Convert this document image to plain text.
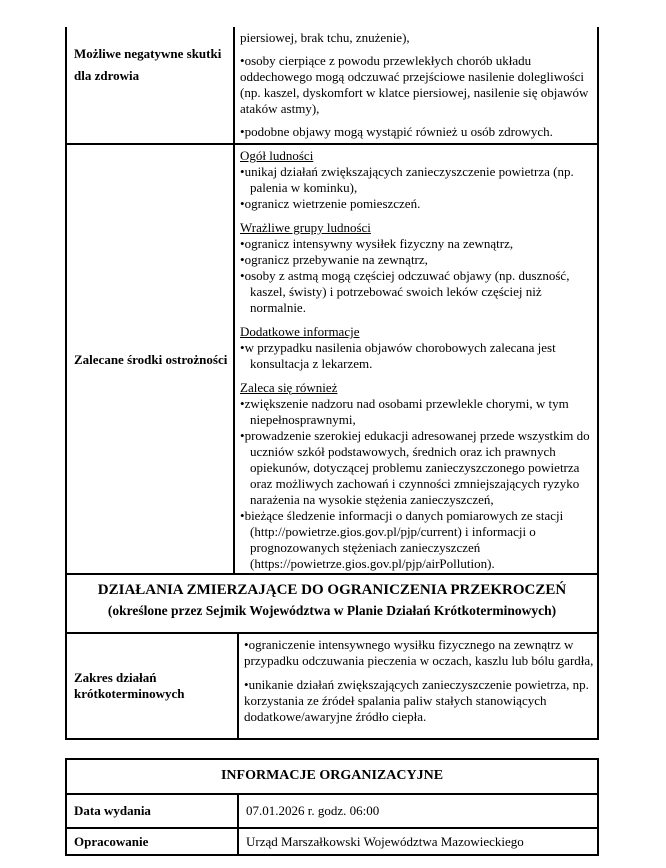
Możliwe negatywne skutki dla zdrowia

piersiowej, brak tchu, znużenie),

• osoby cierpiące z powodu przewlekłych chorób układu oddechowego mogą odczuwać przejściowe nasilenie dolegliwości (np. kaszel, dyskomfort w klatce piersiowej, nasilenie się objawów ataków astmy),

• podobne objawy mogą wystąpić również u osób zdrowych.

Zalecane środki ostrożności

Ogół ludności

• unikaj działań zwiększających zanieczyszczenie powietrza (np. palenia w kominku),

• ogranicz wietrzenie pomieszczeń.

Wrażliwe grupy ludności

• ogranicz intensywny wysiłek fizyczny na zewnątrz,

• ogranicz przebywanie na zewnątrz,

• osoby z astmą mogą częściej odczuwać objawy (np. duszność, kaszel, świsty) i potrzebować swoich leków częściej niż normalnie.

Dodatkowe informacje

• w przypadku nasilenia objawów chorobowych zalecana jest konsultacja z lekarzem.

Zaleca się również

• zwiększenie nadzoru nad osobami przewlekle chorymi, w tym niepełnosprawnymi,

• prowadzenie szerokiej edukacji adresowanej przede wszystkim do uczniów szkół podstawowych, średnich oraz ich prawnych opiekunów, dotyczącej problemu zanieczyszczonego powietrza oraz możliwych zachowań i czynności zmniejszających ryzyko narażenia na wysokie stężenia zanieczyszczeń,

• bieżące śledzenie informacji o danych pomiarowych ze stacji (http://powietrze.gios.gov.pl/pjp/current) i informacji o prognozowanych stężeniach zanieczyszczeń (https://powietrze.gios.gov.pl/pjp/airPollution).

DZIAŁANIA ZMIERZAJĄCE DO OGRANICZENIA PRZEKROCZEŃ
(określone przez Sejmik Województwa w Planie Działań Krótkoterminowych)
Zakres działań krótkoterminowych

• ograniczenie intensywnego wysiłku fizycznego na zewnątrz w przypadku odczuwania pieczenia w oczach, kaszlu lub bólu gardła,

• unikanie działań zwiększających zanieczyszczenie powietrza, np. korzystania ze źródeł spalania paliw stałych stanowiących dodatkowe/awaryjne źródło ciepła.

INFORMACJE ORGANIZACYJNE
Data wydania	07.01.2026 r. godz. 06:00
Opracowanie	Urząd Marszałkowski Województwa Mazowieckiego
